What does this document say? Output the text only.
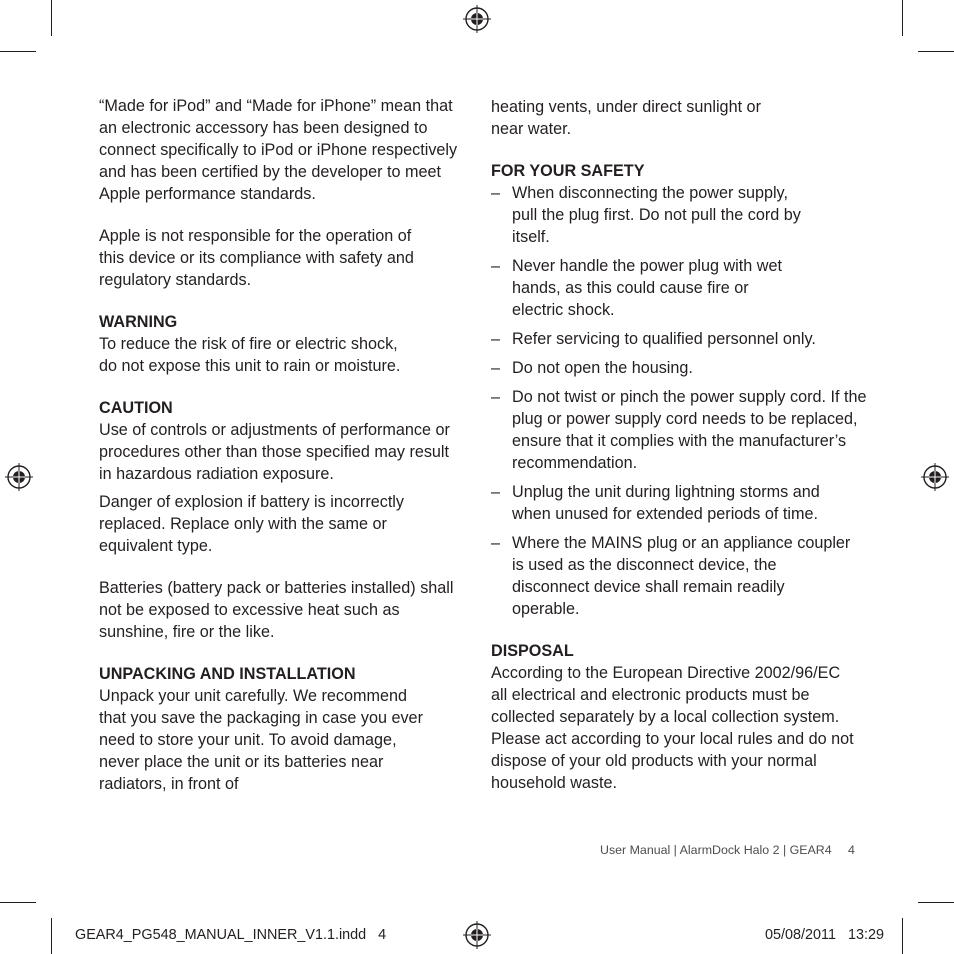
“Made for iPod” and “Made for iPhone” mean that an electronic accessory has been designed to connect specifically to iPod or iPhone respectively and has been certified by the developer to meet Apple performance standards.

Apple is not responsible for the operation of this device or its compliance with safety and regulatory standards.

WARNING

To reduce the risk of fire or electric shock, do not expose this unit to rain or moisture.

CAUTION

Use of controls or adjustments of performance or procedures other than those specified may result in hazardous radiation exposure.

Danger of explosion if battery is incorrectly replaced. Replace only with the same or equivalent type.

Batteries (battery pack or batteries installed) shall not be exposed to excessive heat such as sunshine, fire or the like.

UNPACKING AND INSTALLATION

Unpack your unit carefully. We recommend that you save the packaging in case you ever need to store your unit. To avoid damage, never place the unit or its batteries near radiators, in front of

heating vents, under direct sunlight or near water.

FOR YOUR SAFETY
– When disconnecting the power supply, pull the plug first. Do not pull the cord by itself.
– Never handle the power plug with wet hands, as this could cause fire or electric shock.
– Refer servicing to qualified personnel only.
– Do not open the housing.
– Do not twist or pinch the power supply cord. If the plug or power supply cord needs to be replaced, ensure that it complies with the manufacturer’s recommendation.
– Unplug the unit during lightning storms and when unused for extended periods of time.
– Where the MAINS plug or an appliance coupler is used as the disconnect device, the disconnect device shall remain readily operable.
DISPOSAL

According to the European Directive 2002/96/EC all electrical and electronic products must be collected separately by a local collection system. Please act according to your local rules and do not dispose of your old products with your normal household waste.

User Manual | AlarmDock Halo 2 | GEAR4 4
GEAR4_PG548_MANUAL_INNER_V1.1.indd   4	05/08/2011   13:29
